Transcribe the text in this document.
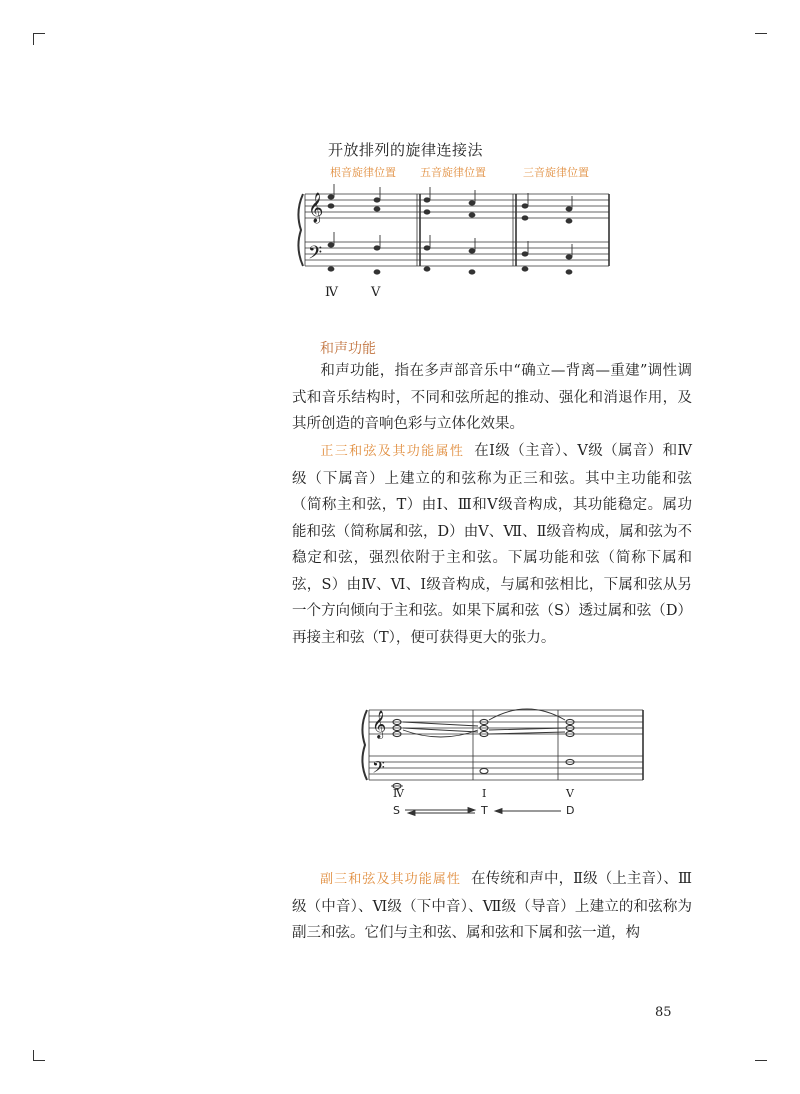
开放排列的旋律连接法
根音旋律位置 五音旋律位置	三音旋律位置
𝄞
𝄢
Ⅳ	Ⅴ
和声功能

和声功能，指在多声部音乐中“确立—背离—重建”调性调式和音乐结构时，不同和弦所起的推动、强化和消退作用，及其所创造的音响色彩与立体化效果。

正三和弦及其功能属性 在Ⅰ级（主音）、Ⅴ级（属音）和Ⅳ级（下属音）上建立的和弦称为正三和弦。其中主功能和弦（简称主和弦，T）由Ⅰ、Ⅲ和Ⅴ级音构成，其功能稳定。属功能和弦（简称属和弦，D）由Ⅴ、Ⅶ、Ⅱ级音构成，属和弦为不稳定和弦，强烈依附于主和弦。下属功能和弦（简称下属和弦，S）由Ⅳ、Ⅵ、Ⅰ级音构成，与属和弦相比，下属和弦从另一个方向倾向于主和弦。如果下属和弦（S）透过属和弦（D）再接主和弦（T），便可获得更大的张力。

𝄞
𝄢
Ⅳ	Ⅰ	Ⅴ
S	T	D

副三和弦及其功能属性 在传统和声中，Ⅱ级（上主音）、Ⅲ级（中音）、Ⅵ级（下中音）、Ⅶ级（导音）上建立的和弦称为副三和弦。它们与主和弦、属和弦和下属和弦一道，构

85
